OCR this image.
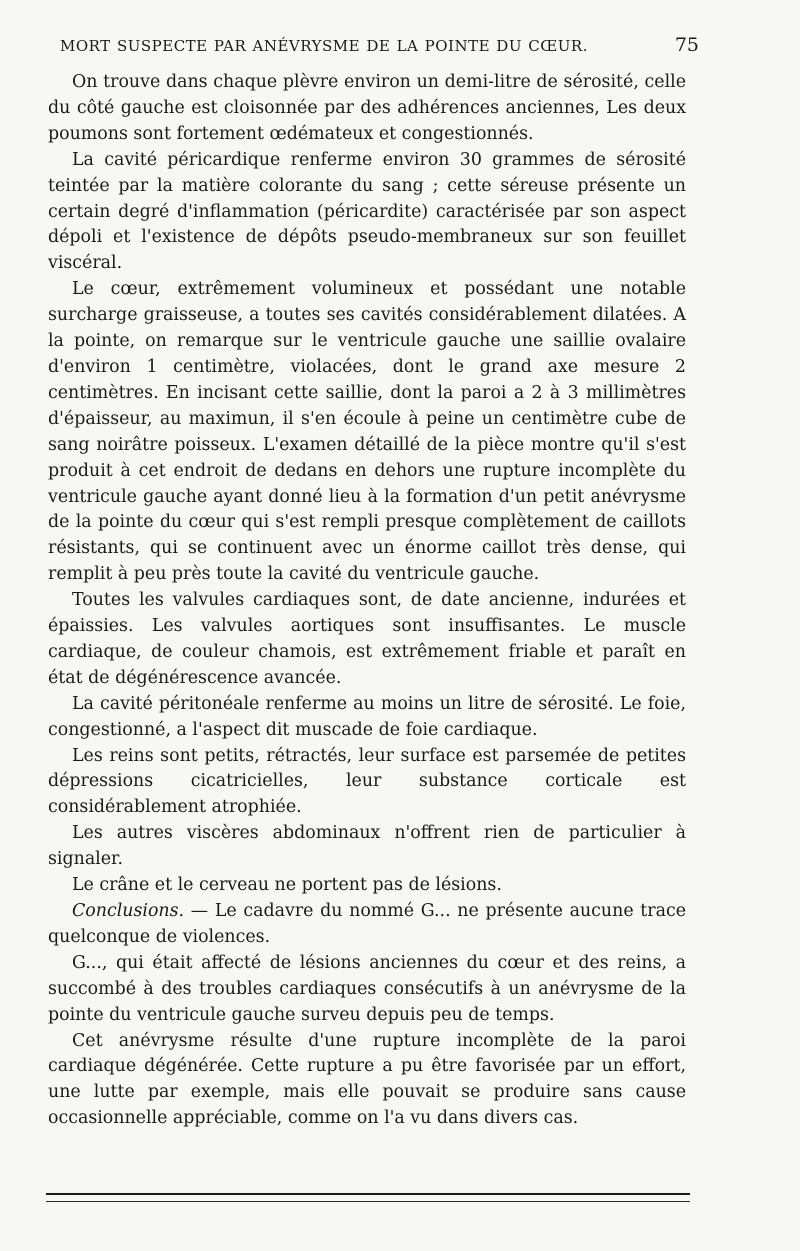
MORT SUSPECTE PAR ANÉVRYSME DE LA POINTE DU CŒUR.	75

On trouve dans chaque plèvre environ un demi-litre de sérosité, celle du côté gauche est cloisonnée par des adhérences anciennes, Les deux poumons sont fortement œdémateux et congestionnés.

La cavité péricardique renferme environ 30 grammes de sérosité teintée par la matière colorante du sang ; cette séreuse présente un certain degré d'inflammation (péricardite) caractérisée par son aspect dépoli et l'existence de dépôts pseudo-membraneux sur son feuillet viscéral.

Le cœur, extrêmement volumineux et possédant une notable surcharge graisseuse, a toutes ses cavités considérablement dilatées. A la pointe, on remarque sur le ventricule gauche une saillie ovalaire d'environ 1 centimètre, violacées, dont le grand axe mesure 2 centimètres. En incisant cette saillie, dont la paroi a 2 à 3 millimètres d'épaisseur, au maximun, il s'en écoule à peine un centimètre cube de sang noirâtre poisseux. L'examen détaillé de la pièce montre qu'il s'est produit à cet endroit de dedans en dehors une rupture incomplète du ventricule gauche ayant donné lieu à la formation d'un petit anévrysme de la pointe du cœur qui s'est rempli presque complètement de caillots résistants, qui se continuent avec un énorme caillot très dense, qui remplit à peu près toute la cavité du ventricule gauche.

Toutes les valvules cardiaques sont, de date ancienne, indurées et épaissies. Les valvules aortiques sont insuffisantes. Le muscle cardiaque, de couleur chamois, est extrêmement friable et paraît en état de dégénérescence avancée.

La cavité péritonéale renferme au moins un litre de sérosité. Le foie, congestionné, a l'aspect dit muscade de foie cardiaque.

Les reins sont petits, rétractés, leur surface est parsemée de petites dépressions cicatricielles, leur substance corticale est considérablement atrophiée.

Les autres viscères abdominaux n'offrent rien de particulier à signaler.

Le crâne et le cerveau ne portent pas de lésions.

Conclusions. — Le cadavre du nommé G... ne présente aucune trace quelconque de violences.

G..., qui était affecté de lésions anciennes du cœur et des reins, a succombé à des troubles cardiaques consécutifs à un anévrysme de la pointe du ventricule gauche surveu depuis peu de temps.

Cet anévrysme résulte d'une rupture incomplète de la paroi cardiaque dégénérée. Cette rupture a pu être favorisée par un effort, une lutte par exemple, mais elle pouvait se produire sans cause occasionnelle appréciable, comme on l'a vu dans divers cas.
